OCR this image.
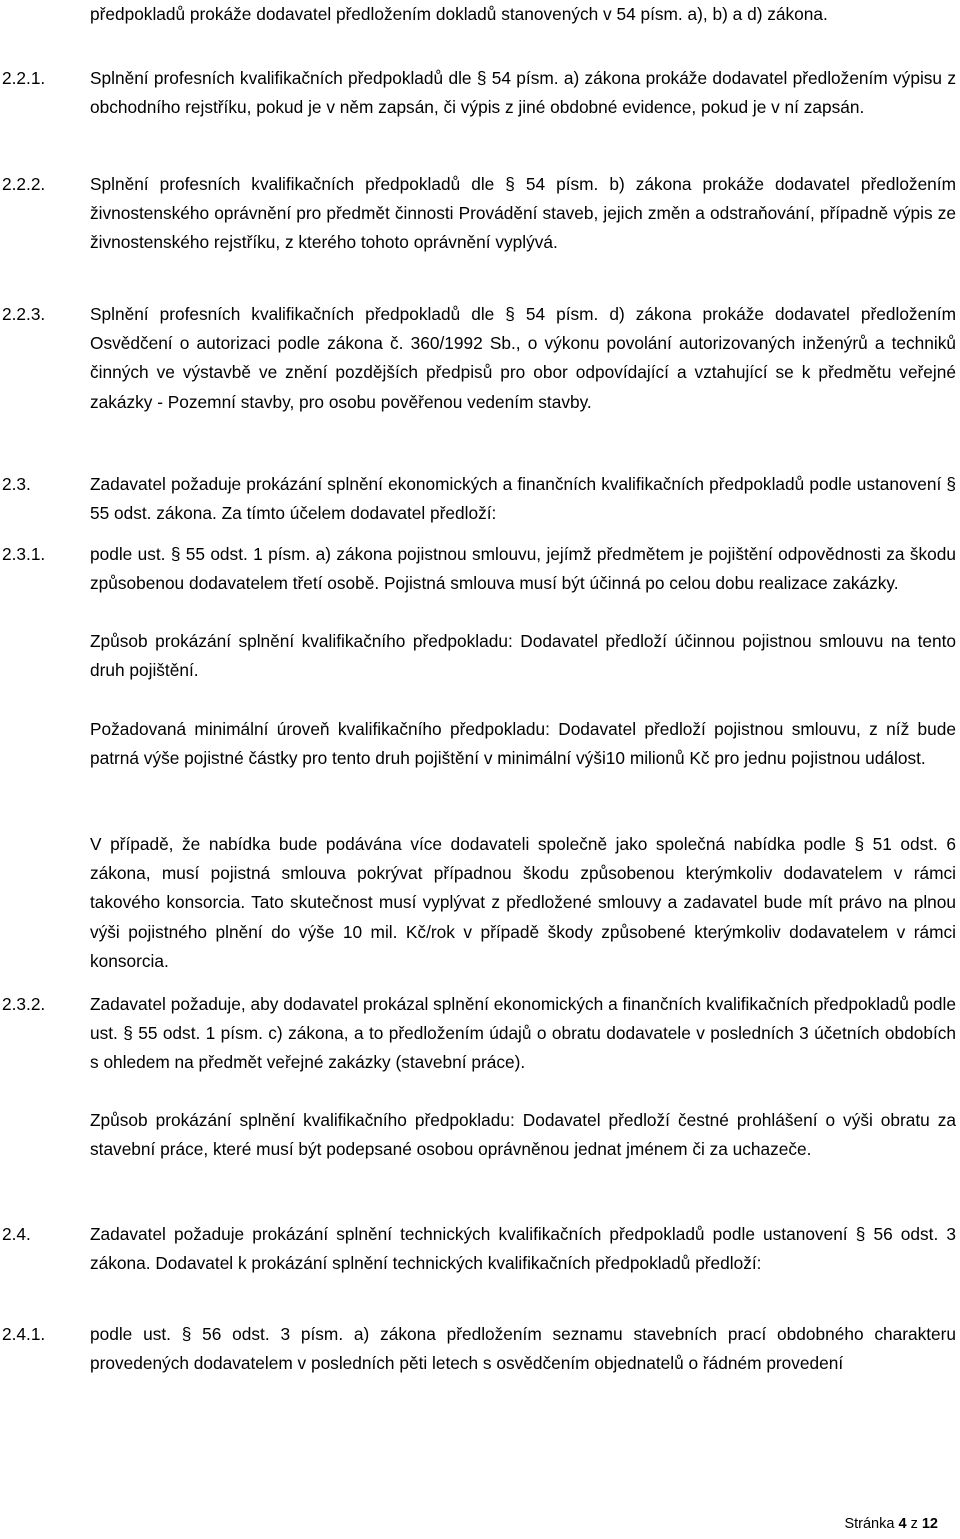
předpokladů prokáže dodavatel předložením dokladů stanovených v 54 písm. a), b) a d) zákona.
2.2.1.	Splnění profesních kvalifikačních předpokladů dle § 54 písm. a) zákona prokáže dodavatel předložením výpisu z obchodního rejstříku, pokud je v něm zapsán, či výpis z jiné obdobné evidence, pokud je v ní zapsán.
2.2.2.	Splnění profesních kvalifikačních předpokladů dle § 54 písm. b) zákona prokáže dodavatel předložením živnostenského oprávnění pro předmět činnosti Provádění staveb, jejich změn a odstraňování, případně výpis ze živnostenského rejstříku, z kterého tohoto oprávnění vyplývá.
2.2.3.	Splnění profesních kvalifikačních předpokladů dle § 54 písm. d) zákona prokáže dodavatel předložením Osvědčení o autorizaci podle zákona č. 360/1992 Sb., o výkonu povolání autorizovaných inženýrů a techniků činných ve výstavbě ve znění pozdějších předpisů pro obor odpovídající a vztahující se k předmětu veřejné zakázky - Pozemní stavby, pro osobu pověřenou vedením stavby.
2.3.	Zadavatel požaduje prokázání splnění ekonomických a finančních kvalifikačních předpokladů podle ustanovení § 55 odst. zákona. Za tímto účelem dodavatel předloží:
2.3.1.	podle ust. § 55 odst. 1 písm. a) zákona pojistnou smlouvu, jejímž předmětem je pojištění odpovědnosti za škodu způsobenou dodavatelem třetí osobě. Pojistná smlouva musí být účinná po celou dobu realizace zakázky.
Způsob prokázání splnění kvalifikačního předpokladu: Dodavatel předloží účinnou pojistnou smlouvu na tento druh pojištění.
Požadovaná minimální úroveň kvalifikačního předpokladu: Dodavatel předloží pojistnou smlouvu, z níž bude patrná výše pojistné částky pro tento druh pojištění v minimální výši10 milionů Kč pro jednu pojistnou událost.
V případě, že nabídka bude podávána více dodavateli společně jako společná nabídka podle § 51 odst. 6 zákona, musí pojistná smlouva pokrývat případnou škodu způsobenou kterýmkoliv dodavatelem v rámci takového konsorcia. Tato skutečnost musí vyplývat z předložené smlouvy a zadavatel bude mít právo na plnou výši pojistného plnění do výše 10 mil. Kč/rok v případě škody způsobené kterýmkoliv dodavatelem v rámci konsorcia.
2.3.2.	Zadavatel požaduje, aby dodavatel prokázal splnění ekonomických a finančních kvalifikačních předpokladů podle ust. § 55 odst. 1 písm. c) zákona, a to předložením údajů o obratu dodavatele v posledních 3 účetních obdobích s ohledem na předmět veřejné zakázky (stavební práce).
Způsob prokázání splnění kvalifikačního předpokladu: Dodavatel předloží čestné prohlášení o výši obratu za stavební práce, které musí být podepsané osobou oprávněnou jednat jménem či za uchazeče.
2.4.	Zadavatel požaduje prokázání splnění technických kvalifikačních předpokladů podle ustanovení § 56 odst. 3 zákona. Dodavatel k prokázání splnění technických kvalifikačních předpokladů předloží:
2.4.1.	podle ust. § 56 odst. 3 písm. a) zákona předložením seznamu stavebních prací obdobného charakteru provedených dodavatelem v posledních pěti letech s osvědčením objednatelů o řádném provedení
Stránka 4 z 12
